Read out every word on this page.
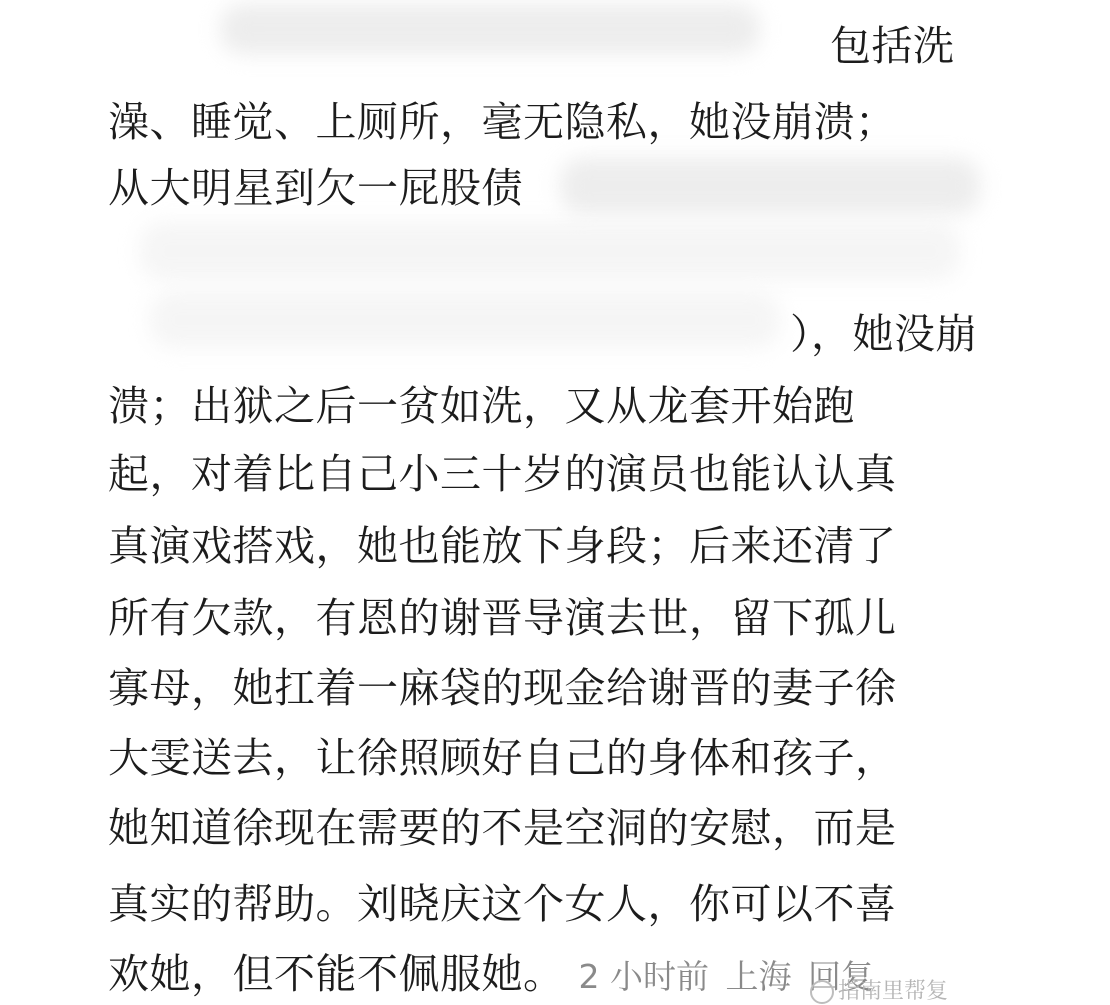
包括洗
澡、睡觉、上厕所，毫无隐私，她没崩溃；
从大明星到欠一屁股债
），她没崩
溃；出狱之后一贫如洗，又从龙套开始跑
起，对着比自己小三十岁的演员也能认认真
真演戏搭戏，她也能放下身段；后来还清了
所有欠款，有恩的谢晋导演去世，留下孤儿
寡母，她扛着一麻袋的现金给谢晋的妻子徐
大雯送去，让徐照顾好自己的身体和孩子，
她知道徐现在需要的不是空洞的安慰，而是
真实的帮助。刘晓庆这个女人，你可以不喜
欢她，但不能不佩服她。 2 小时前 上海 回复
指南里帮复
